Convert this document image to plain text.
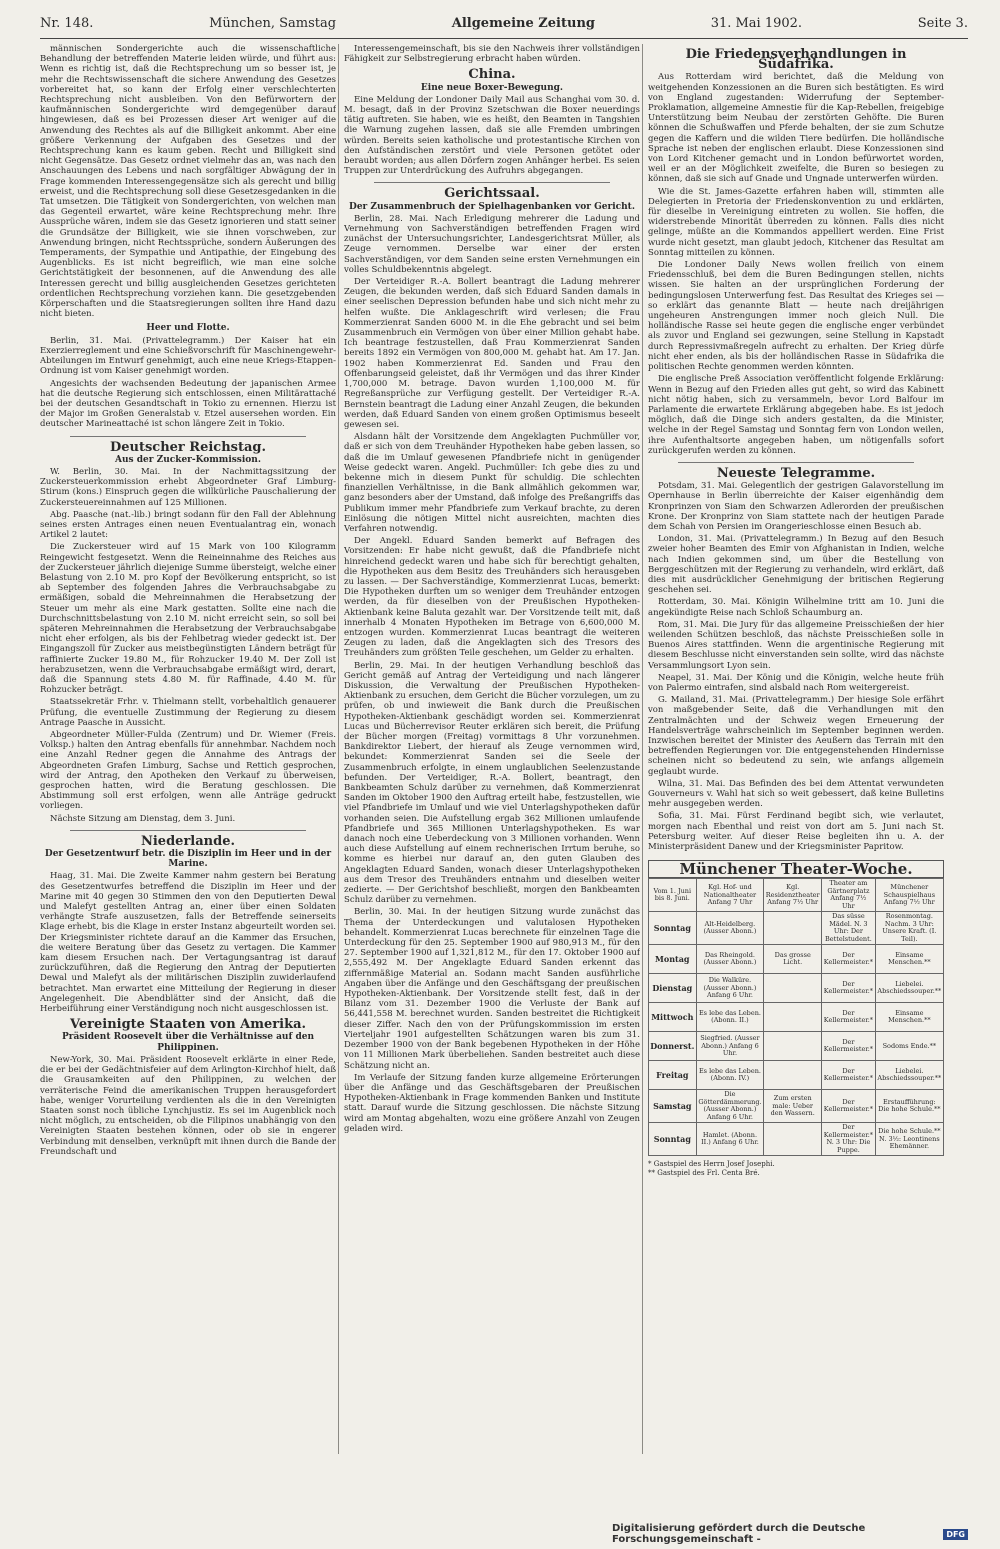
Nr. 148.	München, Samstag	Allgemeine Zeitung	31. Mai 1902.	Seite 3.

männischen Sondergerichte auch die wissenschaftliche Behandlung der betreffenden Materie leiden würde, und führt aus: Wenn es richtig ist, daß die Rechtsprechung um so besser ist, je mehr die Rechtswissenschaft die sichere Anwendung des Gesetzes vorbereitet hat, so kann der Erfolg einer verschlechterten Rechtsprechung nicht ausbleiben. Von den Befürwortern der kaufmännischen Sondergerichte wird demgegenüber darauf hingewiesen, daß es bei Prozessen dieser Art weniger auf die Anwendung des Rechtes als auf die Billigkeit ankommt. Aber eine größere Verkennung der Aufgaben des Gesetzes und der Rechtsprechung kann es kaum geben. Recht und Billigkeit sind nicht Gegensätze. Das Gesetz ordnet vielmehr das an, was nach den Anschauungen des Lebens und nach sorgfältiger Abwägung der in Frage kommenden Interessengegensätze sich als gerecht und billig erweist, und die Rechtsprechung soll diese Gesetzesgedanken in die Tat umsetzen. Die Tätigkeit von Sondergerichten, von welchen man das Gegenteil erwartet, wäre keine Rechtsprechung mehr. Ihre Aussprüche wären, indem sie das Gesetz ignorieren und statt seiner die Grundsätze der Billigkeit, wie sie ihnen vorschweben, zur Anwendung bringen, nicht Rechtssprüche, sondern Äußerungen des Temperaments, der Sympathie und Antipathie, der Eingebung des Augenblicks. Es ist nicht begreiflich, wie man eine solche Gerichtstätigkeit der besonnenen, auf die Anwendung des alle Interessen gerecht und billig ausgleichenden Gesetzes gerichteten ordentlichen Rechtsprechung vorziehen kann. Die gesetzgebenden Körperschaften und die Staatsregierungen sollten ihre Hand dazu nicht bieten.

Heer und Flotte.

Berlin, 31. Mai. (Privattelegramm.) Der Kaiser hat ein Exerzierreglement und eine Schießvorschrift für Maschinengewehr-Abteilungen im Entwurf genehmigt, auch eine neue Kriegs-Etappen-Ordnung ist vom Kaiser genehmigt worden.

Angesichts der wachsenden Bedeutung der japanischen Armee hat die deutsche Regierung sich entschlossen, einen Militärattaché bei der deutschen Gesandtschaft in Tokio zu ernennen. Hierzu ist der Major im Großen Generalstab v. Etzel ausersehen worden. Ein deutscher Marineattaché ist schon längere Zeit in Tokio.

Deutscher Reichstag.
Aus der Zucker-Kommission.

W. Berlin, 30. Mai. In der Nachmittagssitzung der Zuckersteuerkommission erhebt Abgeordneter Graf Limburg-Stirum (kons.) Einspruch gegen die willkürliche Pauschalierung der Zuckersteuereinnahmen auf 125 Millionen.

Abg. Paasche (nat.-lib.) bringt sodann für den Fall der Ablehnung seines ersten Antrages einen neuen Eventualantrag ein, wonach Artikel 2 lautet:

Die Zuckersteuer wird auf 15 Mark von 100 Kilogramm Reingewicht festgesetzt. Wenn die Reineinnahme des Reiches aus der Zuckersteuer jährlich diejenige Summe übersteigt, welche einer Belastung von 2.10 M. pro Kopf der Bevölkerung entspricht, so ist ab September des folgenden Jahres die Verbrauchsabgabe zu ermäßigen, sobald die Mehreinnahmen die Herabsetzung der Steuer um mehr als eine Mark gestatten. Sollte eine nach die Durchschnittsbelastung von 2.10 M. nicht erreicht sein, so soll bei späteren Mehreinnahmen die Herabsetzung der Verbrauchsabgabe nicht eher erfolgen, als bis der Fehlbetrag wieder gedeckt ist. Der Eingangszoll für Zucker aus meistbegünstigten Ländern beträgt für raffinierte Zucker 19.80 M., für Rohzucker 19.40 M. Der Zoll ist herabzusetzen, wenn die Verbrauchsabgabe ermäßigt wird, derart, daß die Spannung stets 4.80 M. für Raffinade, 4.40 M. für Rohzucker beträgt.

Staatssekretär Frhr. v. Thielmann stellt, vorbehaltlich genauerer Prüfung, die eventuelle Zustimmung der Regierung zu diesem Antrage Paasche in Aussicht.

Abgeordneter Müller-Fulda (Zentrum) und Dr. Wiemer (Freis. Volksp.) halten den Antrag ebenfalls für annehmbar. Nachdem noch eine Anzahl Redner gegen die Annahme des Antrags der Abgeordneten Grafen Limburg, Sachse und Rettich gesprochen, wird der Antrag, den Apotheken den Verkauf zu überweisen, gesprochen hatten, wird die Beratung geschlossen. Die Abstimmung soll erst erfolgen, wenn alle Anträge gedruckt vorliegen.

Nächste Sitzung am Dienstag, dem 3. Juni.

Niederlande.
Der Gesetzentwurf betr. die Disziplin im Heer und in der Marine.

Haag, 31. Mai. Die Zweite Kammer nahm gestern bei Beratung des Gesetzentwurfes betreffend die Disziplin im Heer und der Marine mit 40 gegen 30 Stimmen den von den Deputierten Dewal und Malefyt gestellten Antrag an, einer über einen Soldaten verhängte Strafe auszusetzen, falls der Betreffende seinerseits Klage erhebt, bis die Klage in erster Instanz abgeurteilt worden sei. Der Kriegsminister richtete darauf an die Kammer das Ersuchen, die weitere Beratung über das Gesetz zu vertagen. Die Kammer kam diesem Ersuchen nach. Der Vertagungsantrag ist darauf zurückzuführen, daß die Regierung den Antrag der Deputierten Dewal und Malefyt als der militärischen Disziplin zuwiderlaufend betrachtet. Man erwartet eine Mitteilung der Regierung in dieser Angelegenheit. Die Abendblätter sind der Ansicht, daß die Herbeiführung einer Verständigung noch nicht ausgeschlossen ist.

Vereinigte Staaten von Amerika.
Präsident Roosevelt über die Verhältnisse auf den Philippinen.

New-York, 30. Mai. Präsident Roosevelt erklärte in einer Rede, die er bei der Gedächtnisfeier auf dem Arlington-Kirchhof hielt, daß die Grausamkeiten auf den Philippinen, zu welchen der verräterische Feind die amerikanischen Truppen herausgefordert habe, weniger Vorurteilung verdienten als die in den Vereinigten Staaten sonst noch übliche Lynchjustiz. Es sei im Augenblick noch nicht möglich, zu entscheiden, ob die Filipinos unabhängig von den Vereinigten Staaten bestehen können, oder ob sie in engerer Verbindung mit denselben, verknüpft mit ihnen durch die Bande der Freundschaft und

Interessengemeinschaft, bis sie den Nachweis ihrer vollständigen Fähigkeit zur Selbstregierung erbracht haben würden.

China.
Eine neue Boxer-Bewegung.

Eine Meldung der Londoner Daily Mail aus Schanghai vom 30. d. M. besagt, daß in der Provinz Szetschwan die Boxer neuerdings tätig auftreten. Sie haben, wie es heißt, den Beamten in Tangshien die Warnung zugehen lassen, daß sie alle Fremden umbringen würden. Bereits seien katholische und protestantische Kirchen von den Aufständischen zerstört und viele Personen getötet oder beraubt worden; aus allen Dörfern zogen Anhänger herbei. Es seien Truppen zur Unterdrückung des Aufruhrs abgegangen.

Gerichtssaal.
Der Zusammenbruch der Spielhagenbanken vor Gericht.

Berlin, 28. Mai. Nach Erledigung mehrerer die Ladung und Vernehmung von Sachverständigen betreffenden Fragen wird zunächst der Untersuchungsrichter, Landesgerichtsrat Müller, als Zeuge vernommen. Derselbe war einer der ersten Sachverständigen, vor dem Sanden seine ersten Vernehmungen ein volles Schuldbekenntnis abgelegt.

Der Verteidiger R.-A. Bollert beantragt die Ladung mehrerer Zeugen, die bekunden werden, daß sich Eduard Sanden damals in einer seelischen Depression befunden habe und sich nicht mehr zu helfen wußte. Die Anklageschrift wird verlesen; die Frau Kommerzienrat Sanden 6000 M. in die Ehe gebracht und sei beim Zusammenbruch ein Vermögen von über einer Million gehabt habe. Ich beantrage festzustellen, daß Frau Kommerzienrat Sanden bereits 1892 ein Vermögen von 800,000 M. gehabt hat. Am 17. Jan. 1902 haben Kommerzienrat Ed. Sanden und Frau den Offenbarungseid geleistet, daß ihr Vermögen und das ihrer Kinder 1,700,000 M. betrage. Davon wurden 1,100,000 M. für Regreßansprüche zur Verfügung gestellt. Der Verteidiger R.-A. Bernstein beantragt die Ladung einer Anzahl Zeugen, die bekunden werden, daß Eduard Sanden von einem großen Optimismus beseelt gewesen sei.

Alsdann hält der Vorsitzende dem Angeklagten Puchmüller vor, daß er sich von dem Treuhänder Hypotheken habe geben lassen, so daß die im Umlauf gewesenen Pfandbriefe nicht in genügender Weise gedeckt waren. Angekl. Puchmüller: Ich gebe dies zu und bekenne mich in diesem Punkt für schuldig. Die schlechten finanziellen Verhältnisse, in die Bank allmählich gekommen war, ganz besonders aber der Umstand, daß infolge des Preßangriffs das Publikum immer mehr Pfandbriefe zum Verkauf brachte, zu deren Einlösung die nötigen Mittel nicht ausreichten, machten dies Verfahren notwendig.

Der Angekl. Eduard Sanden bemerkt auf Befragen des Vorsitzenden: Er habe nicht gewußt, daß die Pfandbriefe nicht hinreichend gedeckt waren und habe sich für berechtigt gehalten, die Hypotheken aus dem Besitz des Treuhänders sich herausgeben zu lassen. — Der Sachverständige, Kommerzienrat Lucas, bemerkt: Die Hypotheken durften um so weniger dem Treuhänder entzogen werden, da für dieselben von der Preußischen Hypotheken-Aktienbank keine Baluta gezahlt war. Der Vorsitzende teilt mit, daß innerhalb 4 Monaten Hypotheken im Betrage von 6,600,000 M. entzogen wurden. Kommerzienrat Lucas beantragt die weiteren Zeugen zu laden, daß die Angeklagten sich des Tresors des Treuhänders zum größten Teile geschehen, um Gelder zu erhalten.

Berlin, 29. Mai. In der heutigen Verhandlung beschloß das Gericht gemäß auf Antrag der Verteidigung und nach längerer Diskussion, die Verwaltung der Preußischen Hypotheken-Aktienbank zu ersuchen, dem Gericht die Bücher vorzulegen, um zu prüfen, ob und inwieweit die Bank durch die Preußischen Hypotheken-Aktienbank geschädigt worden sei. Kommerzienrat Lucas und Bücherrevisor Reuter erklären sich bereit, die Prüfung der Bücher morgen (Freitag) vormittags 8 Uhr vorzunehmen. Bankdirektor Liebert, der hierauf als Zeuge vernommen wird, bekundet: Kommerzienrat Sanden sei die Seele der Zusammenbruch erfolgte, in einem unglaublichen Seelenzustande befunden. Der Verteidiger, R.-A. Bollert, beantragt, den Bankbeamten Schulz darüber zu vernehmen, daß Kommerzienrat Sanden im Oktober 1900 den Auftrag erteilt habe, festzustellen, wie viel Pfandbriefe im Umlauf und wie viel Unterlagshypotheken dafür vorhanden seien. Die Aufstellung ergab 362 Millionen umlaufende Pfandbriefe und 365 Millionen Unterlagshypotheken. Es war danach noch eine Ueberdeckung von 3 Millionen vorhanden. Wenn auch diese Aufstellung auf einem rechnerischen Irrtum beruhe, so komme es hierbei nur darauf an, den guten Glauben des Angeklagten Eduard Sanden, wonach dieser Unterlagshypotheken aus dem Tresor des Treuhänders entnahm und dieselben weiter zedierte. — Der Gerichtshof beschließt, morgen den Bankbeamten Schulz darüber zu vernehmen.

Berlin, 30. Mai. In der heutigen Sitzung wurde zunächst das Thema der Unterdeckungen und valutalosen Hypotheken behandelt. Kommerzienrat Lucas berechnete für einzelnen Tage die Unterdeckung für den 25. September 1900 auf 980,913 M., für den 27. September 1900 auf 1,321,812 M., für den 17. Oktober 1900 auf 2,555,492 M. Der Angeklagte Eduard Sanden erkennt das ziffernmäßige Material an. Sodann macht Sanden ausführliche Angaben über die Anfänge und den Geschäftsgang der preußischen Hypotheken-Aktienbank. Der Vorsitzende stellt fest, daß in der Bilanz vom 31. Dezember 1900 die Verluste der Bank auf 56,441,558 M. berechnet wurden. Sanden bestreitet die Richtigkeit dieser Ziffer. Nach den von der Prüfungskommission im ersten Vierteljahr 1901 aufgestellten Schätzungen waren bis zum 31. Dezember 1900 von der Bank begebenen Hypotheken in der Höhe von 11 Millionen Mark überbeliehen. Sanden bestreitet auch diese Schätzung nicht an.

Im Verlaufe der Sitzung fanden kurze allgemeine Erörterungen über die Anfänge und das Geschäftsgebaren der Preußischen Hypotheken-Aktienbank in Frage kommenden Banken und Institute statt. Darauf wurde die Sitzung geschlossen. Die nächste Sitzung wird am Montag abgehalten, wozu eine größere Anzahl von Zeugen geladen wird.

Die Friedensverhandlungen in Südafrika.

Aus Rotterdam wird berichtet, daß die Meldung von weitgehenden Konzessionen an die Buren sich bestätigten. Es wird von England zugestanden: Widerrufung der September-Proklamation, allgemeine Amnestie für die Kap-Rebellen, freigebige Unterstützung beim Neubau der zerstörten Gehöfte. Die Buren können die Schußwaffen und Pferde behalten, der sie zum Schutze gegen die Kaffern und die wilden Tiere bedürfen. Die holländische Sprache ist neben der englischen erlaubt. Diese Konzessionen sind von Lord Kitchener gemacht und in London befürwortet worden, weil er an der Möglichkeit zweifelte, die Buren so besiegen zu können, daß sie sich auf Gnade und Ungnade unterwerfen würden.

Wie die St. James-Gazette erfahren haben will, stimmten alle Delegierten in Pretoria der Friedenskonvention zu und erklärten, für dieselbe in Vereinigung eintreten zu wollen. Sie hoffen, die widerstrebende Minorität überreden zu können. Falls dies nicht gelinge, müßte an die Kommandos appelliert werden. Eine Frist wurde nicht gesetzt, man glaubt jedoch, Kitchener das Resultat am Sonntag mitteilen zu können.

Die Londoner Daily News wollen freilich von einem Friedensschluß, bei dem die Buren Bedingungen stellen, nichts wissen. Sie halten an der ursprünglichen Forderung der bedingungslosen Unterwerfung fest. Das Resultat des Krieges sei — so erklärt das genannte Blatt — heute nach dreijährigen ungeheuren Anstrengungen immer noch gleich Null. Die holländische Rasse sei heute gegen die englische enger verbündet als zuvor und England sei gezwungen, seine Stellung in Kapstadt durch Repressivmaßregeln aufrecht zu erhalten. Der Krieg dürfe nicht eher enden, als bis der holländischen Rasse in Südafrika die politischen Rechte genommen werden könnten.

Die englische Preß Association veröffentlicht folgende Erklärung: Wenn in Bezug auf den Frieden alles gut geht, so wird das Kabinett nicht nötig haben, sich zu versammeln, bevor Lord Balfour im Parlamente die erwartete Erklärung abgegeben habe. Es ist jedoch möglich, daß die Dinge sich anders gestalten, da die Minister, welche in der Regel Samstag und Sonntag fern von London weilen, ihre Aufenthaltsorte angegeben haben, um nötigenfalls sofort zurückgerufen werden zu können.

Neueste Telegramme.

Potsdam, 31. Mai. Gelegentlich der gestrigen Galavorstellung im Opernhause in Berlin überreichte der Kaiser eigenhändig dem Kronprinzen von Siam den Schwarzen Adlerorden der preußischen Krone. Der Kronprinz von Siam stattete nach der heutigen Parade dem Schah von Persien im Orangerieschlosse einen Besuch ab.

London, 31. Mai. (Privattelegramm.) In Bezug auf den Besuch zweier hoher Beamten des Emir von Afghanistan in Indien, welche nach Indien gekommen sind, um über die Bestellung von Berggeschützen mit der Regierung zu verhandeln, wird erklärt, daß dies mit ausdrücklicher Genehmigung der britischen Regierung geschehen sei.

Rotterdam, 30. Mai. Königin Wilhelmine tritt am 10. Juni die angekündigte Reise nach Schloß Schaumburg an.

Rom, 31. Mai. Die Jury für das allgemeine Preisschießen der hier weilenden Schützen beschloß, das nächste Preisschießen solle in Buenos Aires stattfinden. Wenn die argentinische Regierung mit diesem Beschlusse nicht einverstanden sein sollte, wird das nächste Versammlungsort Lyon sein.

Neapel, 31. Mai. Der König und die Königin, welche heute früh von Palermo eintrafen, sind alsbald nach Rom weitergereist.

G. Mailand, 31. Mai. (Privattelegramm.) Der hiesige Sole erfährt von maßgebender Seite, daß die Verhandlungen mit den Zentralmächten und der Schweiz wegen Erneuerung der Handelsverträge wahrscheinlich im September beginnen werden. Inzwischen bereitet der Minister des Aeußern das Terrain mit den betreffenden Regierungen vor. Die entgegenstehenden Hindernisse scheinen nicht so bedeutend zu sein, wie anfangs allgemein geglaubt wurde.

Wilna, 31. Mai. Das Befinden des bei dem Attentat verwundeten Gouverneurs v. Wahl hat sich so weit gebessert, daß keine Bulletins mehr ausgegeben werden.

Sofia, 31. Mai. Fürst Ferdinand begibt sich, wie verlautet, morgen nach Ebenthal und reist von dort am 5. Juni nach St. Petersburg weiter. Auf dieser Reise begleiten ihn u. A. der Ministerpräsident Danew und der Kriegsminister Papritow.

Münchener Theater-Woche.
Vom 1. Juni bis 8. Juni.	Kgl. Hof- und Nationaltheater Anfang 7 Uhr	Kgl. Residenztheater Anfang 7½ Uhr	Theater am Gärtnerplatz Anfang 7½ Uhr	Münchener Schauspielhaus Anfang 7½ Uhr
Sonntag	Alt-Heidelberg. (Ausser Abonn.)		Das süsse Mädel. N. 3 Uhr: Der Bettelstudent.	Rosenmontag. Nachm. 3 Uhr: Unsere Kraft. (I. Teil).
Montag	Das Rheingold. (Ausser Abonn.)	Das grosse Licht.	Der Kellermeister.*	Einsame Menschen.**
Dienstag	Die Walküre. (Ausser Abonn.) Anfang 6 Uhr.		Der Kellermeister.*	Liebelei. Abschiedssouper.**
Mittwoch	Es lebe das Leben. (Abonn. II.)		Der Kellermeister.*	Einsame Menschen.**
Donnerst.	Siegfried. (Ausser Abonn.) Anfang 6 Uhr.		Der Kellermeister.*	Sodoms Ende.**
Freitag	Es lebe das Leben. (Abonn. IV.)		Der Kellermeister.*	Liebelei. Abschiedssouper.**
Samstag	Die Götterdämmerung. (Ausser Abonn.) Anfang 6 Uhr.	Zum ersten male: Ueber den Wassern.	Der Kellermeister.*	Erstaufführung: Die hohe Schule.**
Sonntag	Hamlet. (Abonn. II.) Anfang 6 Uhr.		Der Kellermeister.* N. 3 Uhr: Die Puppe.	Die hohe Schule.** N. 3½: Leontinens Ehemänner.
* Gastspiel des Herrn Josef Josephi.
** Gastspiel des Frl. Centa Bré.
Digitalisierung gefördert durch die Deutsche Forschungsgemeinschaft -	DFG
